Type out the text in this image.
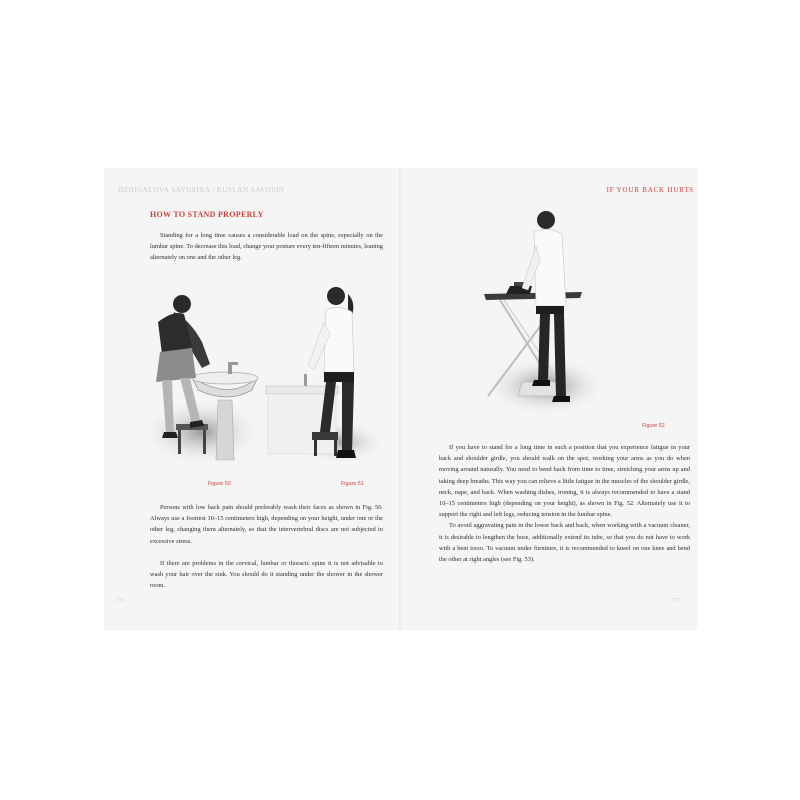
DZHIGALOVA SAVOSINA | RUSLAN SAVOSIN	IF YOUR BACK HURTS
HOW TO STAND PROPERLY

Standing for a long time causes a considerable load on the spine, especially on the lumbar spine. To decrease this load, change your posture every ten-fifteen minutes, leaning alternately on one and the other leg.

Figure 50	Figure 51

Persons with low back pain should preferably wash their faces as shown in Fig. 50. Always use a footrest 10–15 centimeters high, depending on your height, under one or the other leg, changing them alternately, so that the intervertebral discs are not subjected to excessive stress.

If there are problems in the cervical, lumbar or thoracic spine it is not advisable to wash your hair over the sink. You should do it standing under the shower in the shower room.

Figure 52

If you have to stand for a long time in such a position that you experience fatigue in your back and shoulder girdle, you should walk on the spot, working your arms as you do when moving around naturally. You need to bend back from time to time, stretching your arms up and taking deep breaths. This way you can relieve a little fatigue in the muscles of the shoulder girdle, neck, nape, and back. When washing dishes, ironing, it is always recommended to have a stand 10–15 centimeters high (depending on your height), as shown in Fig. 52. Alternately use it to support the right and left legs, reducing tension in the lumbar spine.

To avoid aggravating pain in the lower back and back, when working with a vacuum cleaner, it is desirable to lengthen the hose, additionally extend its tube, so that you do not have to work with a bent torso. To vacuum under furniture, it is recommended to kneel on one knee and bend the other at right angles (see Fig. 53).

176	177
